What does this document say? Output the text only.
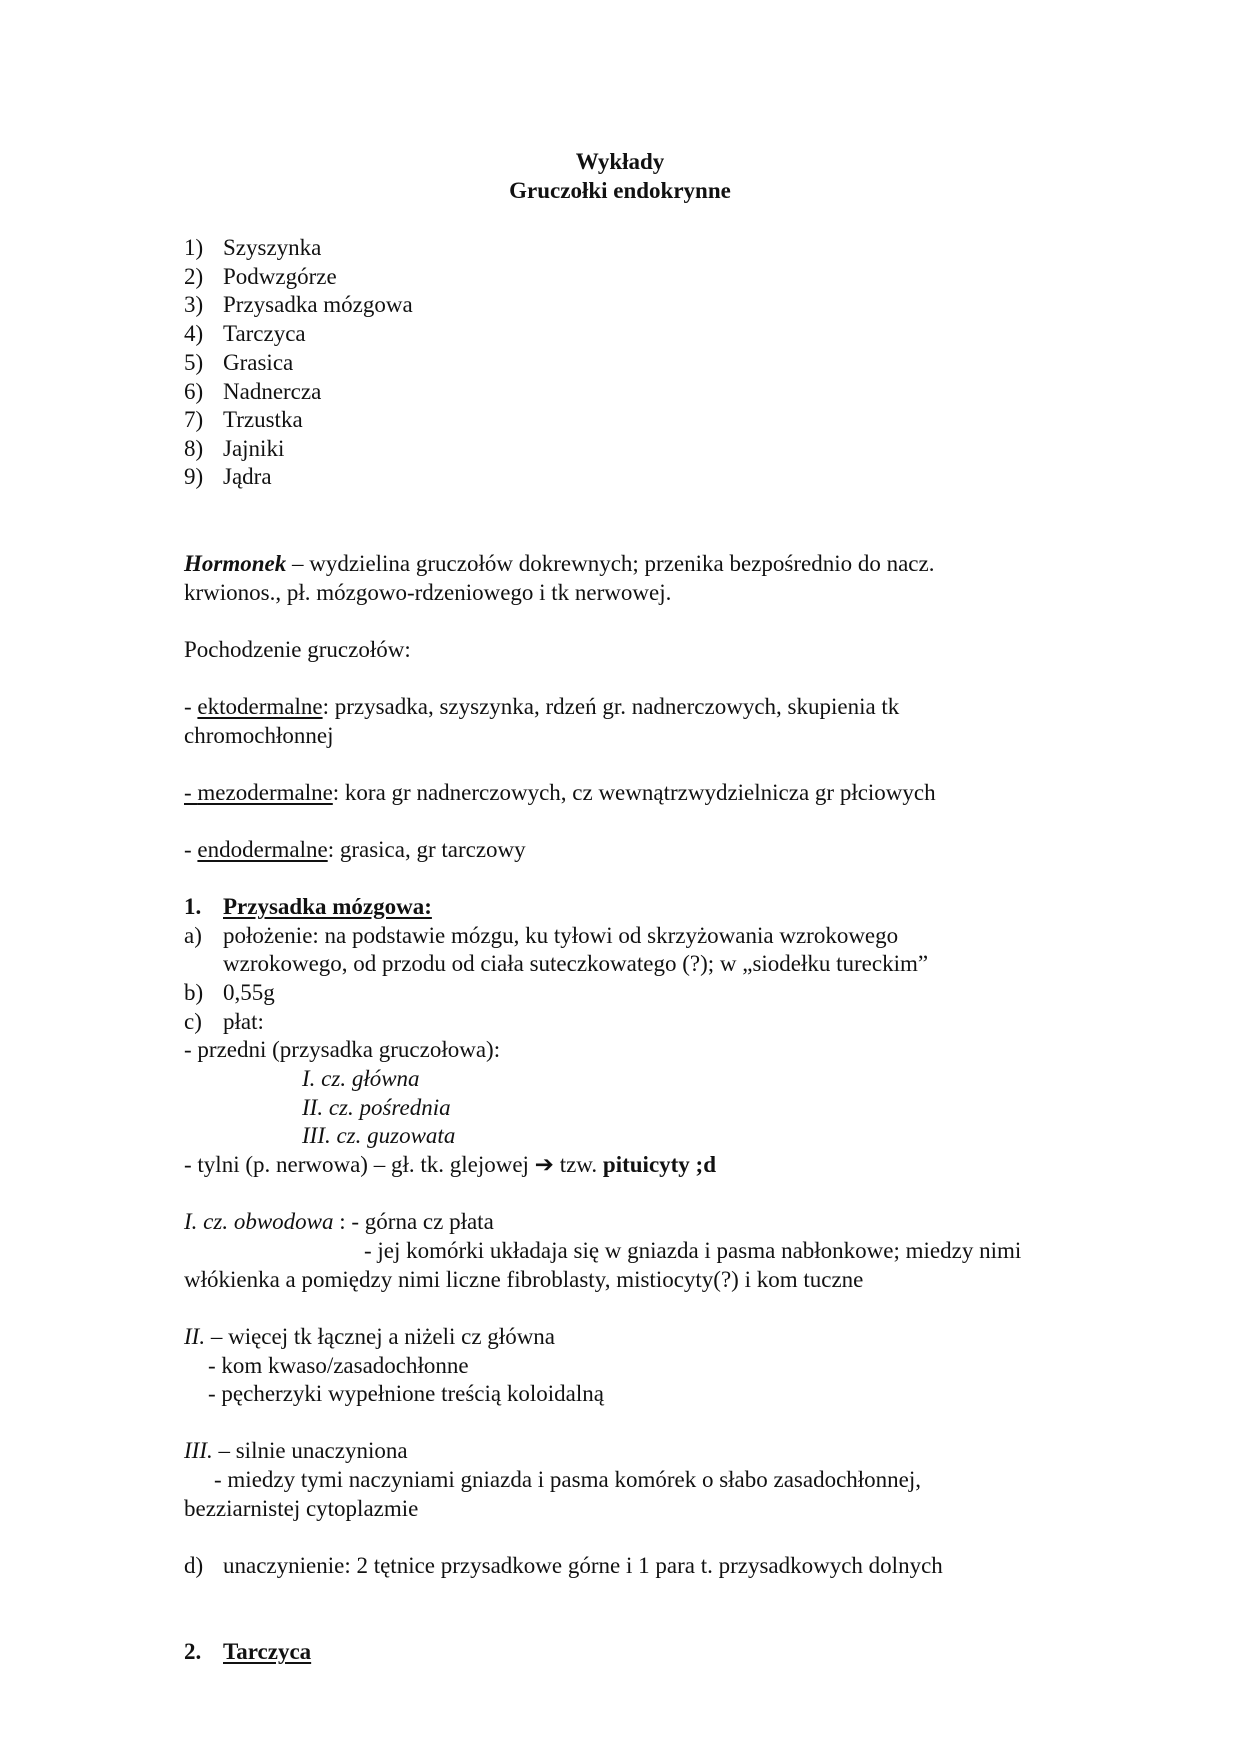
Wykłady
Gruczołki endokrynne
1) Szyszynka
2) Podwzgórze
3) Przysadka mózgowa
4) Tarczyca
5) Grasica
6) Nadnercza
7) Trzustka
8) Jajniki
9) Jądra
Hormonek – wydzielina gruczołów dokrewnych; przenika bezpośrednio do nacz.
krwionos., pł. mózgowo-rdzeniowego i tk nerwowej.
Pochodzenie gruczołów:
- ektodermalne: przysadka, szyszynka, rdzeń gr. nadnerczowych, skupienia tk
chromochłonnej
- mezodermalne: kora gr nadnerczowych, cz wewnątrzwydzielnicza gr płciowych
- endodermalne: grasica, gr tarczowy
1. Przysadka mózgowa:
a) położenie: na podstawie mózgu, ku tyłowi od skrzyżowania wzrokowego
wzrokowego, od przodu od ciała suteczkowatego (?); w „siodełku tureckim”
b) 0,55g
c) płat:
- przedni (przysadka gruczołowa):
I. cz. główna
II. cz. pośrednia
III. cz. guzowata
- tylni (p. nerwowa) – gł. tk. glejowej ➔ tzw. pituicyty ;d
I. cz. obwodowa : - górna cz płata
- jej komórki układaja się w gniazda i pasma nabłonkowe; miedzy nimi
włókienka a pomiędzy nimi liczne fibroblasty, mistiocyty(?) i kom tuczne
II. – więcej tk łącznej a niżeli cz główna
- kom kwaso/zasadochłonne
- pęcherzyki wypełnione treścią koloidalną
III. – silnie unaczyniona
- miedzy tymi naczyniami gniazda i pasma komórek o słabo zasadochłonnej,
bezziarnistej cytoplazmie
d) unaczynienie: 2 tętnice przysadkowe górne i 1 para t. przysadkowych dolnych
2. Tarczyca
